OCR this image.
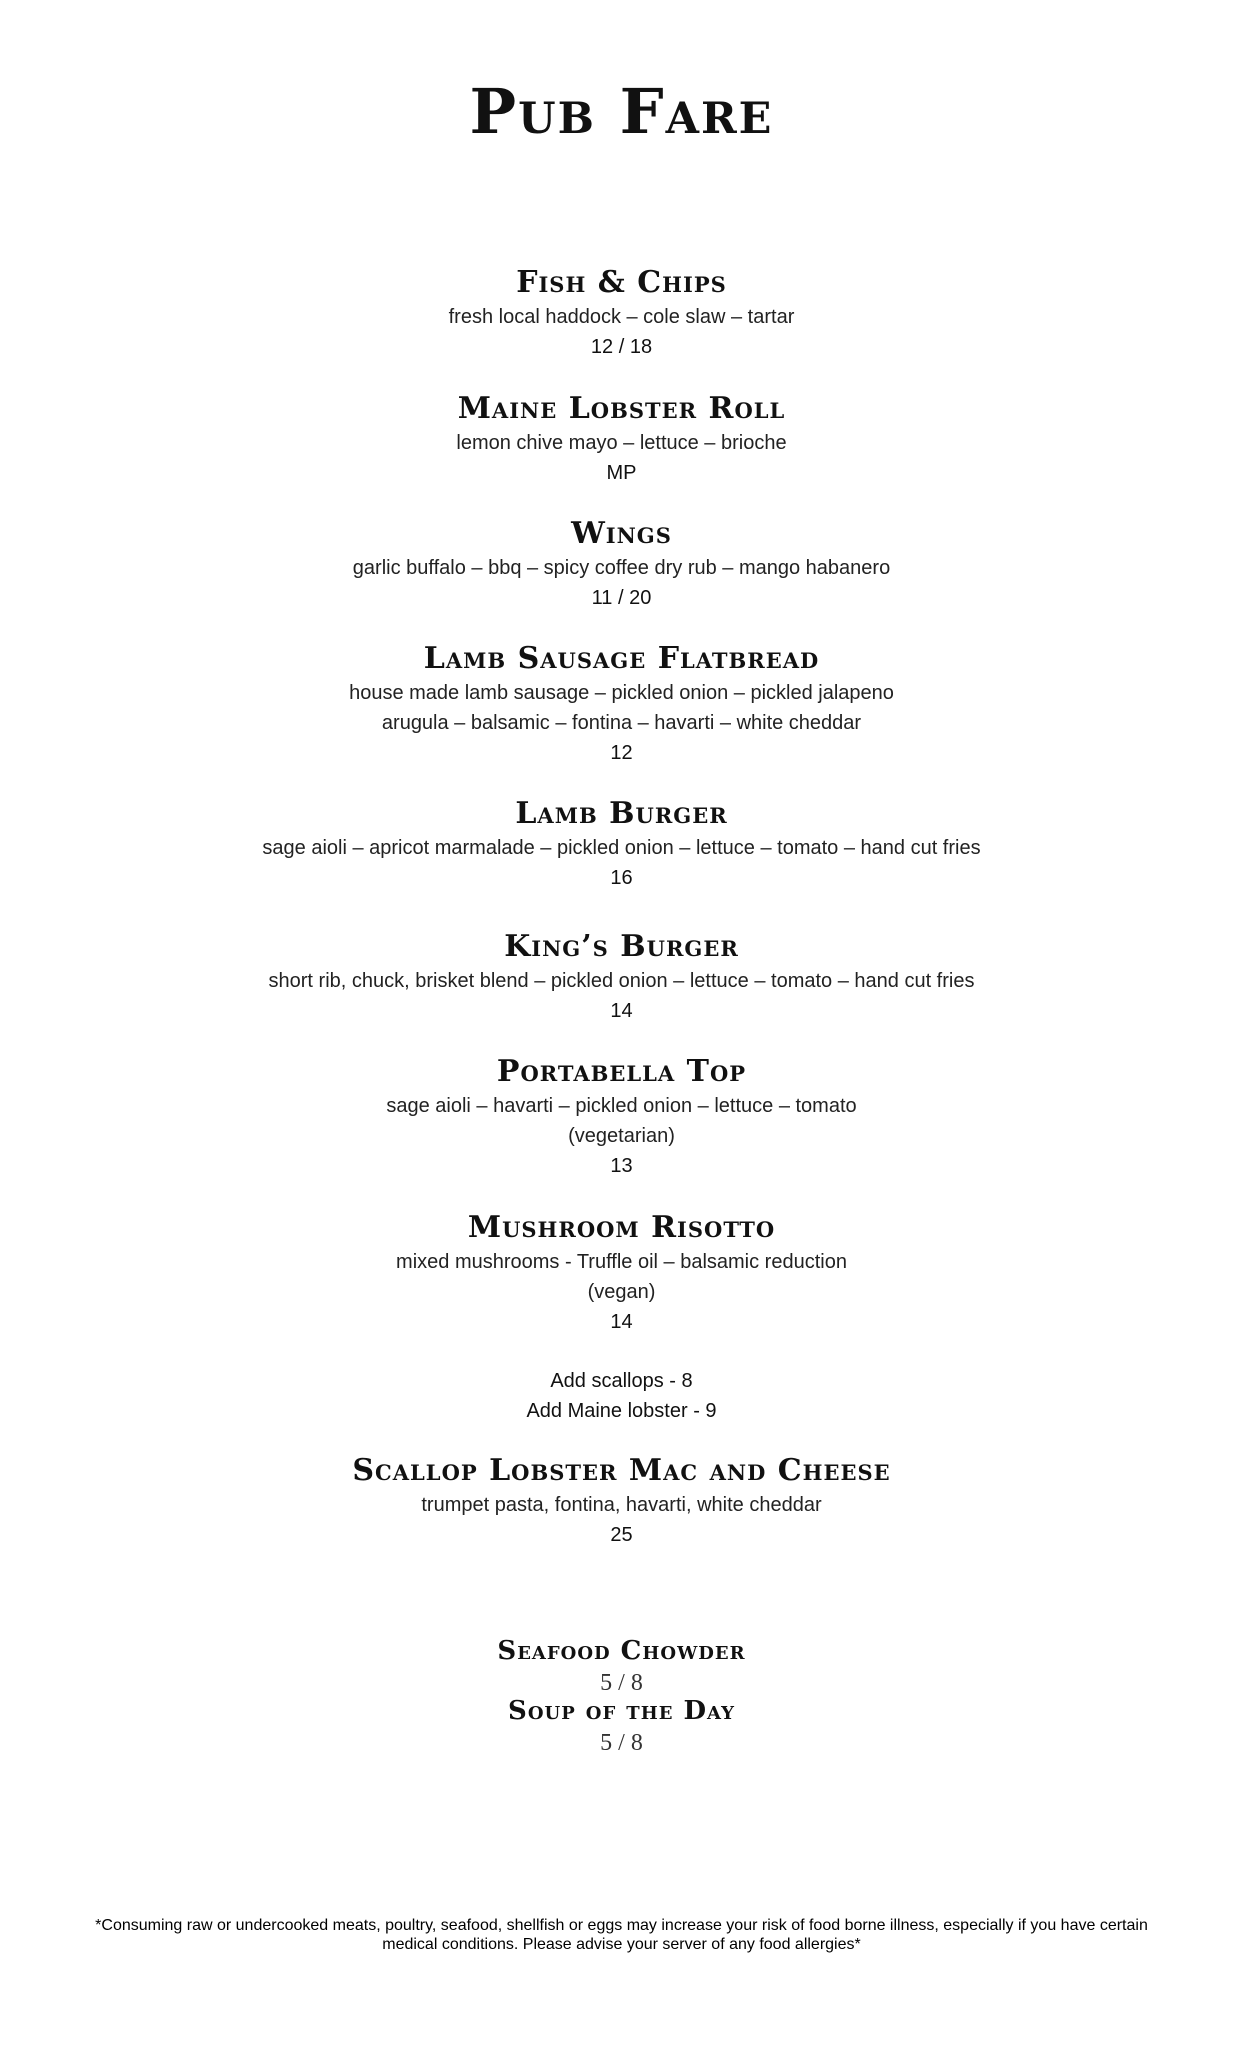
Pub Fare
Fish & Chips
fresh local haddock – cole slaw – tartar
12 / 18
Maine Lobster Roll
lemon chive mayo – lettuce – brioche
MP
Wings
garlic buffalo – bbq – spicy coffee dry rub – mango habanero
11 / 20
Lamb Sausage Flatbread
house made lamb sausage – pickled onion – pickled jalapeno
arugula – balsamic – fontina – havarti – white cheddar
12
Lamb Burger
sage aioli – apricot marmalade – pickled onion – lettuce – tomato – hand cut fries
16
King’s Burger
short rib, chuck, brisket blend – pickled onion – lettuce – tomato – hand cut fries
14
Portabella Top
sage aioli – havarti – pickled onion – lettuce – tomato
(vegetarian)
13
Mushroom Risotto
mixed mushrooms - Truffle oil – balsamic reduction
(vegan)
14
Add scallops - 8
Add Maine lobster - 9
Scallop Lobster Mac and Cheese
trumpet pasta, fontina, havarti, white cheddar
25
Seafood Chowder
5 / 8
Soup of the Day
5 / 8
*Consuming raw or undercooked meats, poultry, seafood, shellfish or eggs may increase your risk of food borne illness, especially if you have certain medical conditions. Please advise your server of any food allergies*
